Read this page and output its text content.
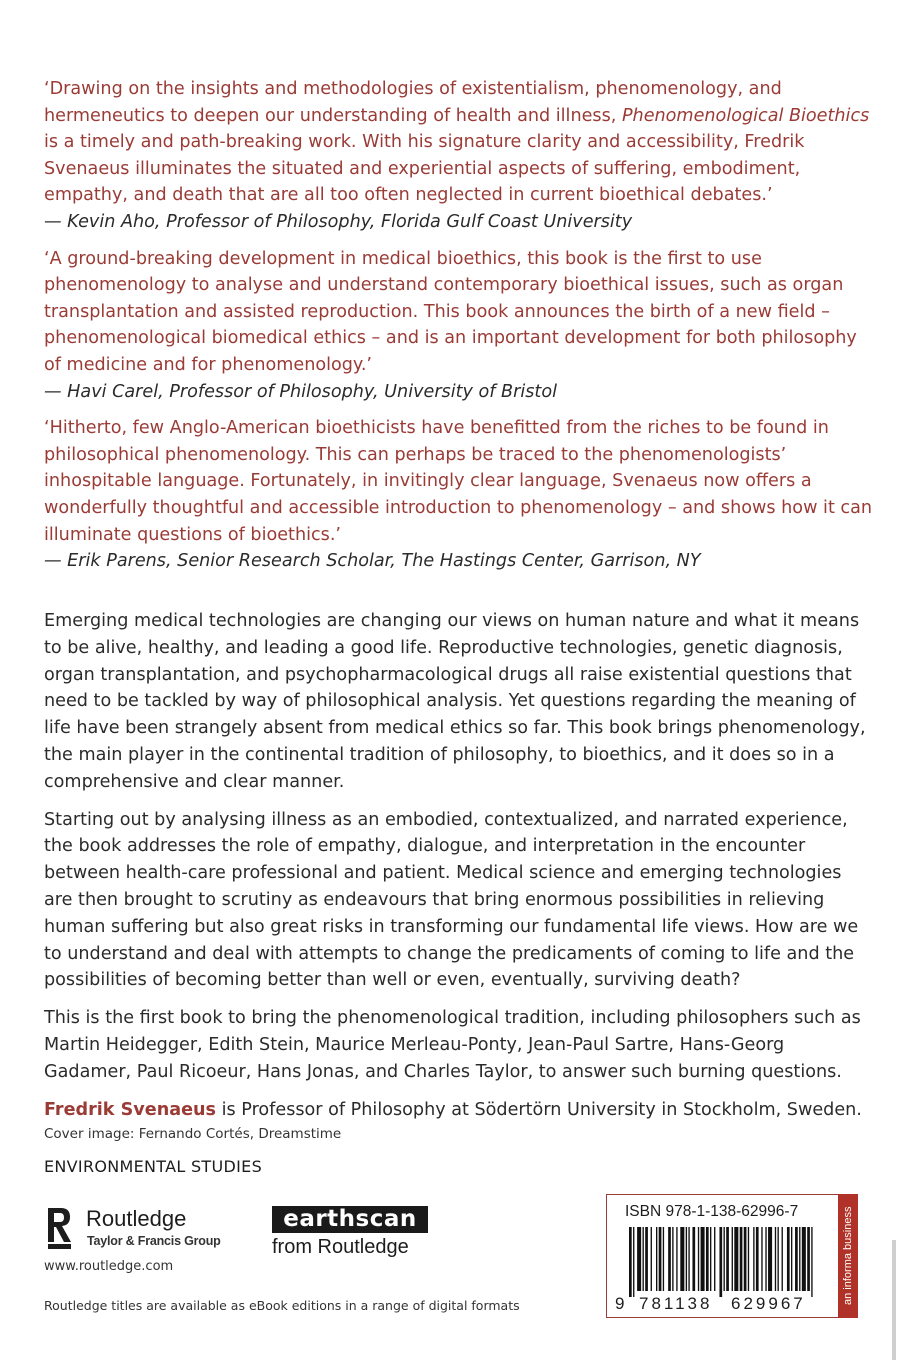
‘Drawing on the insights and methodologies of existentialism, phenomenology, and hermeneutics to deepen our understanding of health and illness, Phenomenological Bioethics is a timely and path-breaking work. With his signature clarity and accessibility, Fredrik Svenaeus illuminates the situated and experiential aspects of suffering, embodiment, empathy, and death that are all too often neglected in current bioethical debates.’

— Kevin Aho, Professor of Philosophy, Florida Gulf Coast University

‘A ground-breaking development in medical bioethics, this book is the first to use phenomenology to analyse and understand contemporary bioethical issues, such as organ transplantation and assisted reproduction. This book announces the birth of a new field – phenomenological biomedical ethics – and is an important development for both philosophy of medicine and for phenomenology.’

— Havi Carel, Professor of Philosophy, University of Bristol

‘Hitherto, few Anglo-American bioethicists have benefitted from the riches to be found in philosophical phenomenology. This can perhaps be traced to the phenomenologists’ inhospitable language. Fortunately, in invitingly clear language, Svenaeus now offers a wonderfully thoughtful and accessible introduction to phenomenology – and shows how it can illuminate questions of bioethics.’

— Erik Parens, Senior Research Scholar, The Hastings Center, Garrison, NY

Emerging medical technologies are changing our views on human nature and what it means to be alive, healthy, and leading a good life. Reproductive technologies, genetic diagnosis, organ transplantation, and psychopharmacological drugs all raise existential questions that need to be tackled by way of philosophical analysis. Yet questions regarding the meaning of life have been strangely absent from medical ethics so far. This book brings phenomenology, the main player in the continental tradition of philosophy, to bioethics, and it does so in a comprehensive and clear manner.

Starting out by analysing illness as an embodied, contextualized, and narrated experience, the book addresses the role of empathy, dialogue, and interpretation in the encounter between health-care professional and patient. Medical science and emerging technologies are then brought to scrutiny as endeavours that bring enormous possibilities in relieving human suffering but also great risks in transforming our fundamental life views. How are we to understand and deal with attempts to change the predicaments of coming to life and the possibilities of becoming better than well or even, eventually, surviving death?

This is the first book to bring the phenomenological tradition, including philosophers such as Martin Heidegger, Edith Stein, Maurice Merleau-Ponty, Jean-Paul Sartre, Hans-Georg Gadamer, Paul Ricoeur, Hans Jonas, and Charles Taylor, to answer such burning questions.

Fredrik Svenaeus is Professor of Philosophy at Södertörn University in Stockholm, Sweden.

Cover image: Fernando Cortés, Dreamstime
ENVIRONMENTAL STUDIES
Routledge
Taylor & Francis Group
www.routledge.com
earthscan
from Routledge
Routledge titles are available as eBook editions in a range of digital formats
ISBN 978-1-138-62996-7
9 781138 629967	an informa business
